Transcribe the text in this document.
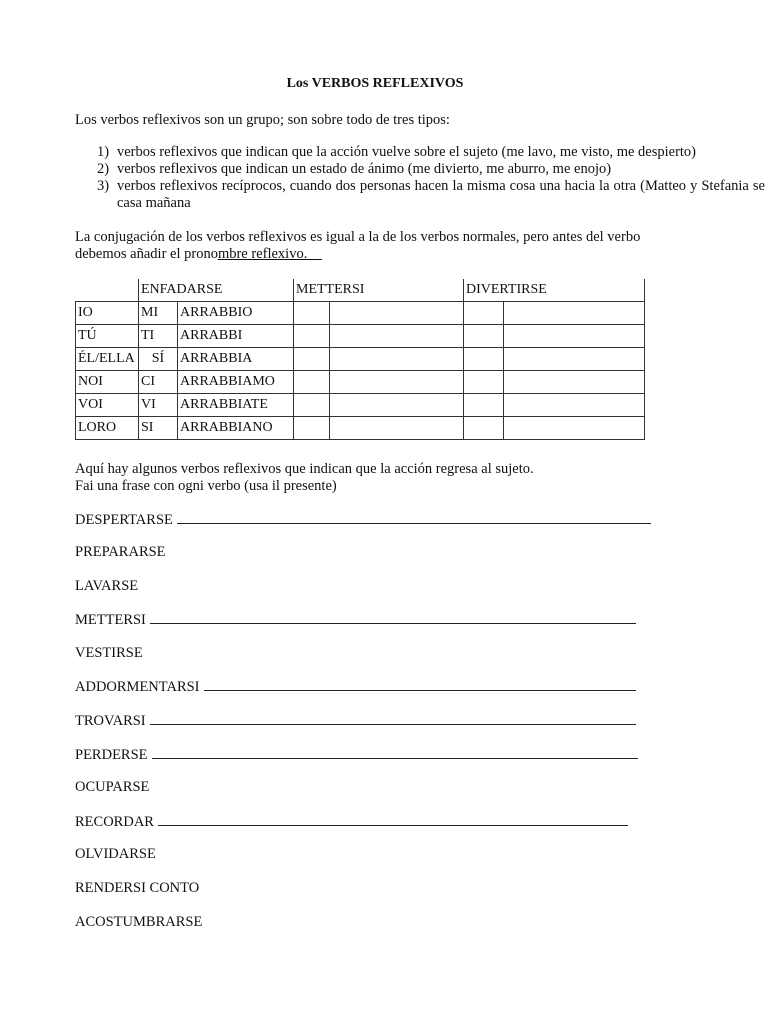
Los VERBOS REFLEXIVOS
Los verbos reflexivos son un grupo; son sobre todo de tres tipos:
1) verbos reflexivos que indican que la acción vuelve sobre el sujeto (me lavo, me visto, me despierto)
2) verbos reflexivos que indican un estado de ánimo (me divierto, me aburro, me enojo)
3) verbos reflexivos recíprocos, cuando dos personas hacen la misma cosa una hacia la otra (Matteo y Stefania se casa mañana
La conjugación de los verbos reflexivos es igual a la de los verbos normales, pero antes del verbo
debemos añadir el pronombre reflexivo.
	ENFADARSE		METTERSI		DIVERTIRSE	
IO	MI	ARRABBIO				
TÚ	TI	ARRABBI				
ÉL/ELLA	SÍ	ARRABBIA				
NOI	CI	ARRABBIAMO				
VOI	VI	ARRABBIATE				
LORO	SI	ARRABBIANO				
Aquí hay algunos verbos reflexivos que indican que la acción regresa al sujeto.
Fai una frase con ogni verbo (usa il presente)
DESPERTARSE
PREPARARSE
LAVARSE
METTERSI
VESTIRSE
ADDORMENTARSI
TROVARSI
PERDERSE
OCUPARSE
RECORDAR
OLVIDARSE
RENDERSI CONTO
ACOSTUMBRARSE
